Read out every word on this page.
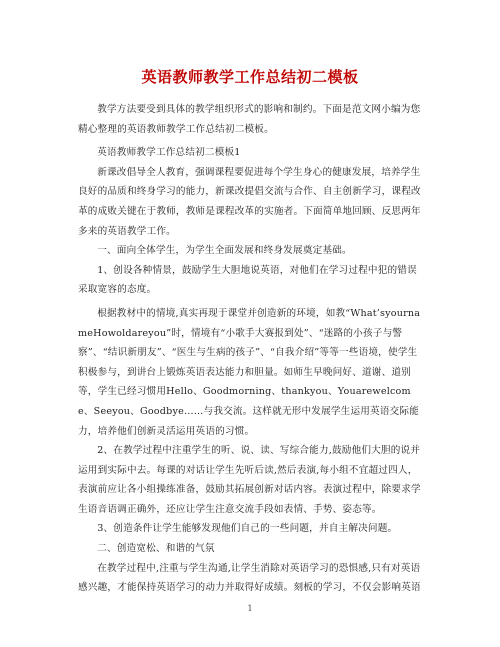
英语教师教学工作总结初二模板

教学方法要受到具体的教学组织形式的影响和制约。下面是范文网小编为您精心整理的英语教师教学工作总结初二模板。

英语教师教学工作总结初二模板1

新课改倡导全人教育，强调课程要促进每个学生身心的健康发展，培养学生良好的品质和终身学习的能力，新课改提倡交流与合作、自主创新学习，课程改革的成败关键在于教师，教师是课程改革的实施者。下面简单地回顾、反思两年多来的英语教学工作。

一、面向全体学生，为学生全面发展和终身发展奠定基础。

1、创设各种情景，鼓励学生大胆地说英语，对他们在学习过程中犯的错误采取宽容的态度。

根据教材中的情境,真实再现于课堂并创造新的环境，如教“What’syournameHowoldareyou”时，情境有“小歌手大赛报到处”、“迷路的小孩子与警察”、“结识新朋友”、“医生与生病的孩子”、“自我介绍”等等一些语境，使学生积极参与，到讲台上锻炼英语表达能力和胆量。如师生早晚问好、道谢、道别等，学生已经习惯用Hello、Goodmorning、thankyou、Youarewelcome、Seeyou、Goodbye……与我交流。这样就无形中发展学生运用英语交际能力，培养他们创新灵活运用英语的习惯。

2、在教学过程中注重学生的听、说、读、写综合能力,鼓励他们大胆的说并运用到实际中去。每课的对话让学生先听后读,然后表演,每小组不宜超过四人，表演前应让各小组操练准备，鼓励其拓展创新对话内容。表演过程中，除要求学生语音语调正确外，还应让学生注意交流手段如表情、手势、姿态等。

3、创造条件让学生能够发现他们自己的一些问题，并自主解决问题。

二、创造宽松、和谐的气氛

在教学过程中,注重与学生沟通,让学生消除对英语学习的恐惧感,只有对英语感兴趣，才能保持英语学习的动力并取得好成绩。刻板的学习，不仅会影响英语

1
